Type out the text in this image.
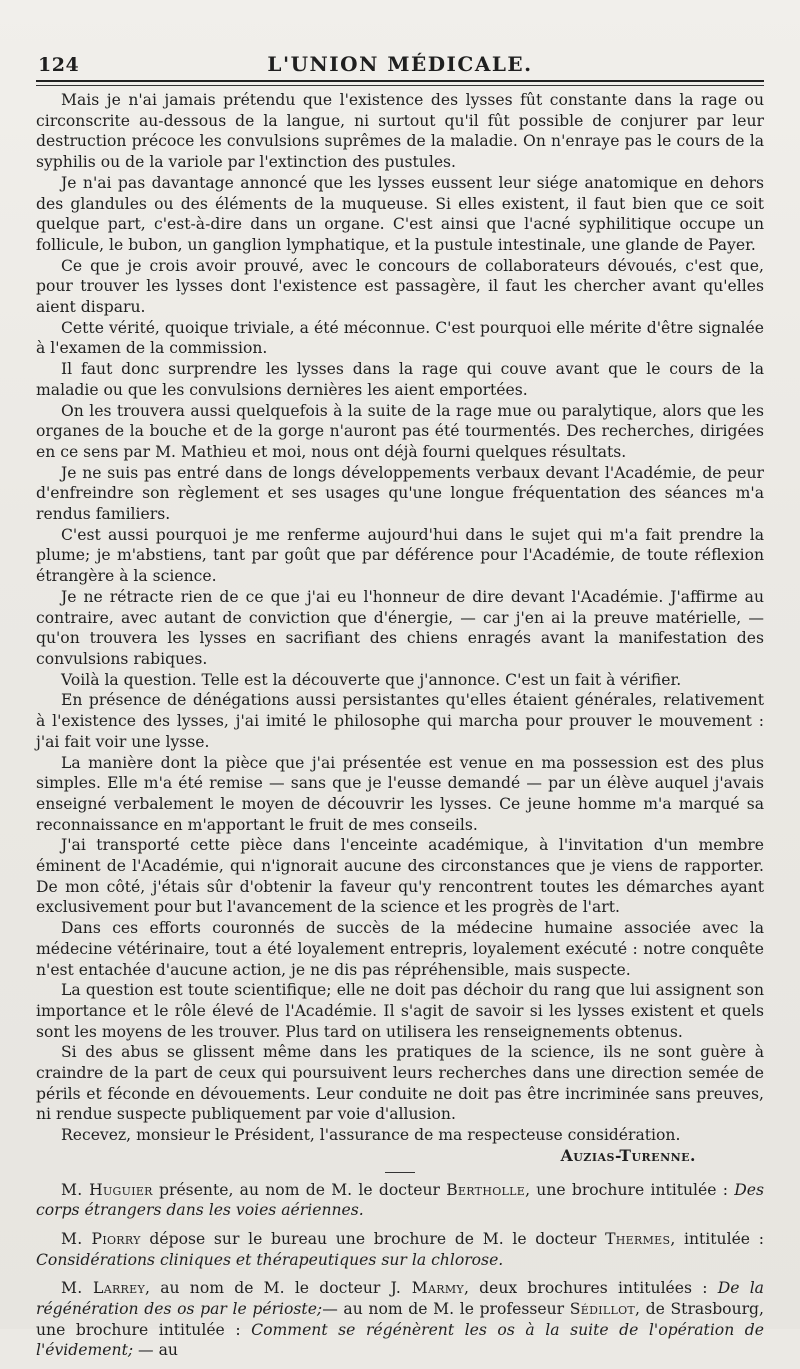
124	L'UNION MÉDICALE.

Mais je n'ai jamais prétendu que l'existence des lysses fût constante dans la rage ou circonscrite au-dessous de la langue, ni surtout qu'il fût possible de conjurer par leur destruction précoce les convulsions suprêmes de la maladie. On n'enraye pas le cours de la syphilis ou de la variole par l'extinction des pustules.

Je n'ai pas davantage annoncé que les lysses eussent leur siége anatomique en dehors des glandules ou des éléments de la muqueuse. Si elles existent, il faut bien que ce soit quelque part, c'est-à-dire dans un organe. C'est ainsi que l'acné syphilitique occupe un follicule, le bubon, un ganglion lymphatique, et la pustule intestinale, une glande de Payer.

Ce que je crois avoir prouvé, avec le concours de collaborateurs dévoués, c'est que, pour trouver les lysses dont l'existence est passagère, il faut les chercher avant qu'elles aient disparu.

Cette vérité, quoique triviale, a été méconnue. C'est pourquoi elle mérite d'être signalée à l'examen de la commission.

Il faut donc surprendre les lysses dans la rage qui couve avant que le cours de la maladie ou que les convulsions dernières les aient emportées.

On les trouvera aussi quelquefois à la suite de la rage mue ou paralytique, alors que les organes de la bouche et de la gorge n'auront pas été tourmentés. Des recherches, dirigées en ce sens par M. Mathieu et moi, nous ont déjà fourni quelques résultats.

Je ne suis pas entré dans de longs développements verbaux devant l'Académie, de peur d'enfreindre son règlement et ses usages qu'une longue fréquentation des séances m'a rendus familiers.

C'est aussi pourquoi je me renferme aujourd'hui dans le sujet qui m'a fait prendre la plume; je m'abstiens, tant par goût que par déférence pour l'Académie, de toute réflexion étrangère à la science.

Je ne rétracte rien de ce que j'ai eu l'honneur de dire devant l'Académie. J'affirme au contraire, avec autant de conviction que d'énergie, — car j'en ai la preuve matérielle, — qu'on trouvera les lysses en sacrifiant des chiens enragés avant la manifestation des convulsions rabiques.

Voilà la question. Telle est la découverte que j'annonce. C'est un fait à vérifier.

En présence de dénégations aussi persistantes qu'elles étaient générales, relativement à l'existence des lysses, j'ai imité le philosophe qui marcha pour prouver le mouvement : j'ai fait voir une lysse.

La manière dont la pièce que j'ai présentée est venue en ma possession est des plus simples. Elle m'a été remise — sans que je l'eusse demandé — par un élève auquel j'avais enseigné verbalement le moyen de découvrir les lysses. Ce jeune homme m'a marqué sa reconnaissance en m'apportant le fruit de mes conseils.

J'ai transporté cette pièce dans l'enceinte académique, à l'invitation d'un membre éminent de l'Académie, qui n'ignorait aucune des circonstances que je viens de rapporter. De mon côté, j'étais sûr d'obtenir la faveur qu'y rencontrent toutes les démarches ayant exclusivement pour but l'avancement de la science et les progrès de l'art.

Dans ces efforts couronnés de succès de la médecine humaine associée avec la médecine vétérinaire, tout a été loyalement entrepris, loyalement exécuté : notre conquête n'est entachée d'aucune action, je ne dis pas répréhensible, mais suspecte.

La question est toute scientifique; elle ne doit pas déchoir du rang que lui assignent son importance et le rôle élevé de l'Académie. Il s'agit de savoir si les lysses existent et quels sont les moyens de les trouver. Plus tard on utilisera les renseignements obtenus.

Si des abus se glissent même dans les pratiques de la science, ils ne sont guère à craindre de la part de ceux qui poursuivent leurs recherches dans une direction semée de périls et féconde en dévouements. Leur conduite ne doit pas être incriminée sans preuves, ni rendue suspecte publiquement par voie d'allusion.

Recevez, monsieur le Président, l'assurance de ma respecteuse considération.

Auzias-Turenne.

M. Huguier présente, au nom de M. le docteur Bertholle, une brochure intitulée : Des corps étrangers dans les voies aériennes.

M. Piorry dépose sur le bureau une brochure de M. le docteur Thermes, intitulée : Considérations cliniques et thérapeutiques sur la chlorose.

M. Larrey, au nom de M. le docteur J. Marmy, deux brochures intitulées : De la régénération des os par le périoste;— au nom de M. le professeur Sédillot, de Strasbourg, une brochure intitulée : Comment se régénèrent les os à la suite de l'opération de l'évidement; — au
